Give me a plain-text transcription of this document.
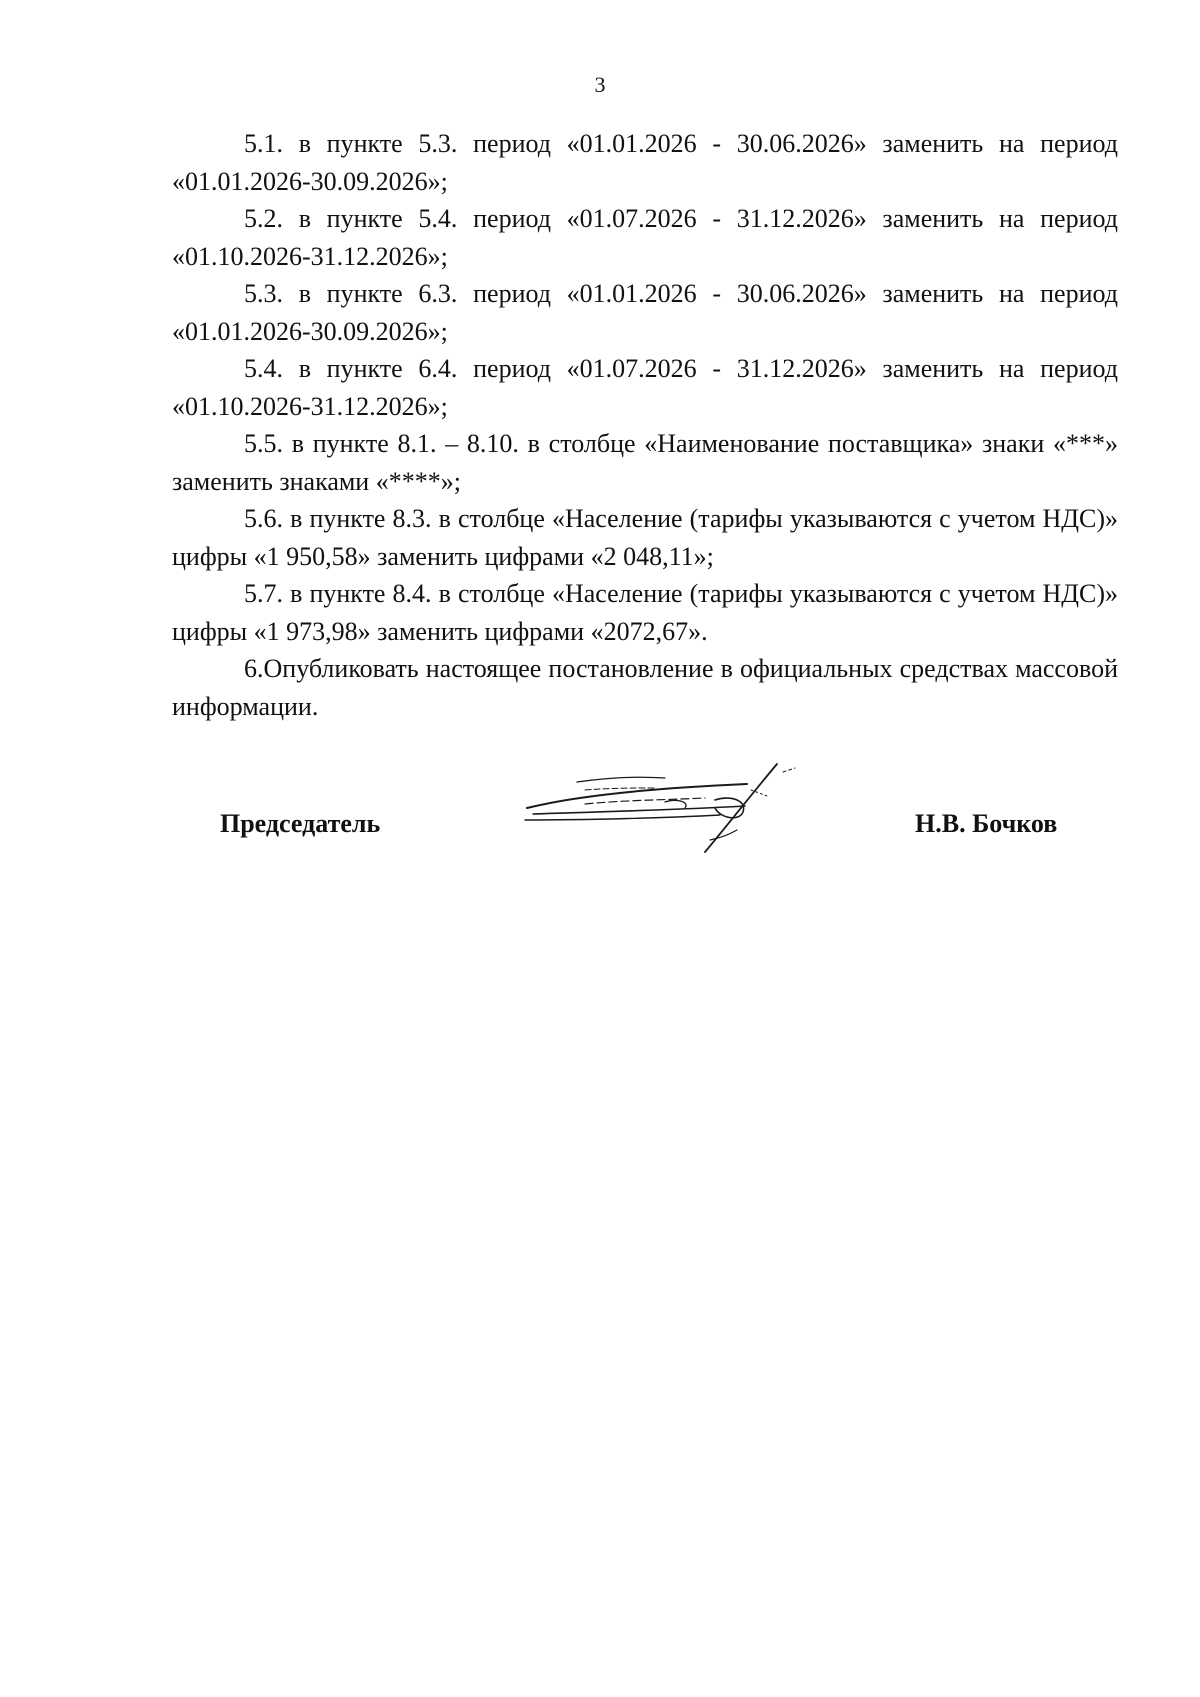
3

5.1. в пункте 5.3. период «01.01.2026 - 30.06.2026» заменить на период «01.01.2026-30.09.2026»;

5.2. в пункте 5.4. период «01.07.2026 - 31.12.2026» заменить на период «01.10.2026-31.12.2026»;

5.3. в пункте 6.3. период «01.01.2026 - 30.06.2026» заменить на период «01.01.2026-30.09.2026»;

5.4. в пункте 6.4. период «01.07.2026 - 31.12.2026» заменить на период «01.10.2026-31.12.2026»;

5.5. в пункте 8.1. – 8.10. в столбце «Наименование поставщика» знаки «***» заменить знаками «****»;

5.6. в пункте 8.3. в столбце «Население (тарифы указываются с учетом НДС)» цифры «1 950,58» заменить цифрами «2 048,11»;

5.7. в пункте 8.4. в столбце «Население (тарифы указываются с учетом НДС)» цифры «1 973,98» заменить цифрами «2072,67».

6.Опубликовать настоящее постановление в официальных средствах массовой информации.

Председатель	Н.В. Бочков
